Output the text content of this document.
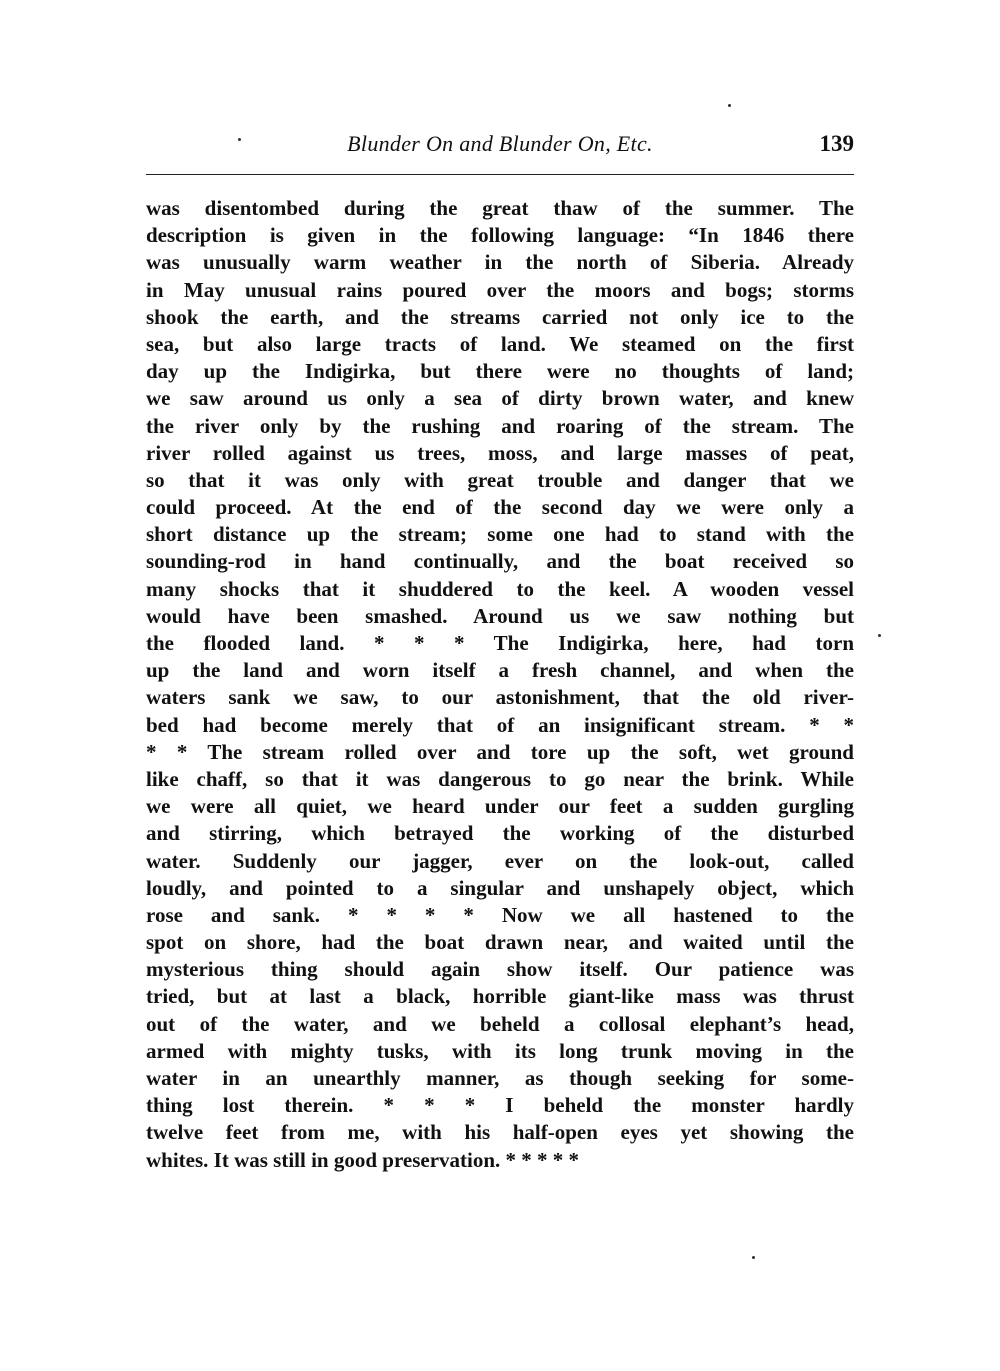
Blunder On and Blunder On, Etc.	139
was disentombed during the great thaw of the summer. The
description is given in the following language: “In 1846 there
was unusually warm weather in the north of Siberia. Already
in May unusual rains poured over the moors and bogs; storms
shook the earth, and the streams carried not only ice to the
sea, but also large tracts of land. We steamed on the first
day up the Indigirka, but there were no thoughts of land;
we saw around us only a sea of dirty brown water, and knew
the river only by the rushing and roaring of the stream. The
river rolled against us trees, moss, and large masses of peat,
so that it was only with great trouble and danger that we
could proceed. At the end of the second day we were only a
short distance up the stream; some one had to stand with the
sounding-rod in hand continually, and the boat received so
many shocks that it shuddered to the keel. A wooden vessel
would have been smashed. Around us we saw nothing but
the flooded land. * * * The Indigirka, here, had torn
up the land and worn itself a fresh channel, and when the
waters sank we saw, to our astonishment, that the old river-
bed had become merely that of an insignificant stream. * *
* * The stream rolled over and tore up the soft, wet ground
like chaff, so that it was dangerous to go near the brink. While
we were all quiet, we heard under our feet a sudden gurgling
and stirring, which betrayed the working of the disturbed
water. Suddenly our jagger, ever on the look-out, called
loudly, and pointed to a singular and unshapely object, which
rose and sank. * * * * Now we all hastened to the
spot on shore, had the boat drawn near, and waited until the
mysterious thing should again show itself. Our patience was
tried, but at last a black, horrible giant-like mass was thrust
out of the water, and we beheld a collosal elephant’s head,
armed with mighty tusks, with its long trunk moving in the
water in an unearthly manner, as though seeking for some-
thing lost therein. * * * I beheld the monster hardly
twelve feet from me, with his half-open eyes yet showing the
whites. It was still in good preservation. * * * * *
